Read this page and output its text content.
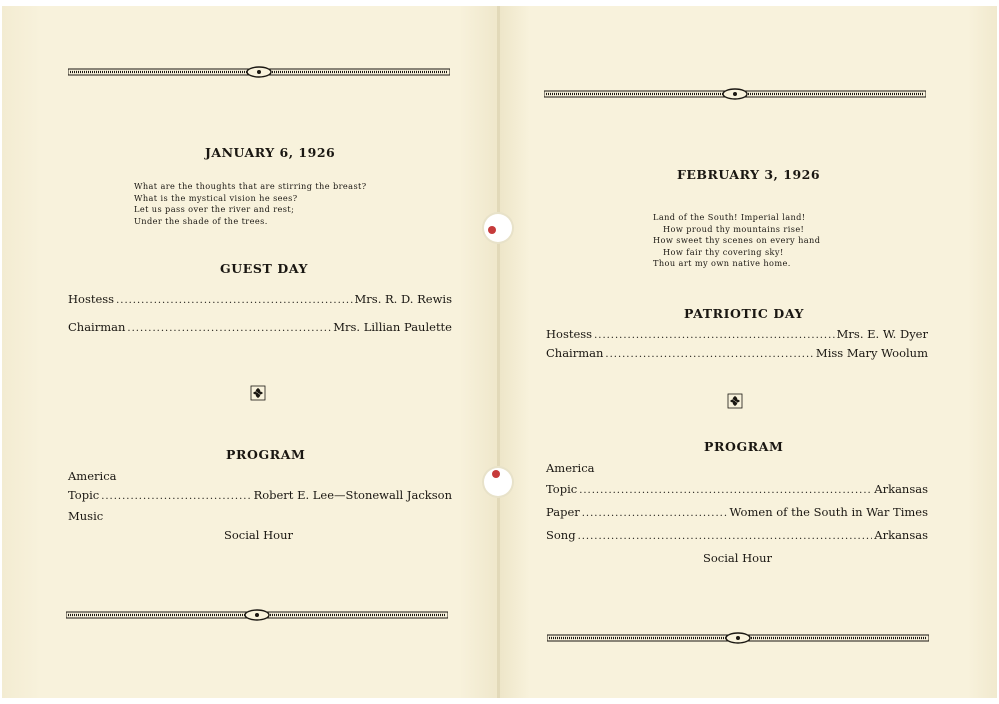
JANUARY 6, 1926
What are the thoughts that are stirring the breast?
What is the mystical vision he sees?
Let us pass over the river and rest;
Under the shade of the trees.
GUEST DAY
Hostess .....	Mrs. R. D. Rewis
Chairman .....	Mrs. Lillian Paulette
PROGRAM
America
Topic .....	Robert E. Lee—Stonewall Jackson
Music
Social Hour
FEBRUARY 3, 1926
Land of the South! Imperial land!
How proud thy mountains rise!
How sweet thy scenes on every hand
How fair thy covering sky!
Thou art my own native home.
PATRIOTIC DAY
Hostess .....	Mrs. E. W. Dyer
Chairman .....	Miss Mary Woolum
PROGRAM
America
Topic .....	Arkansas
Paper .....	Women of the South in War Times
Song .....	Arkansas
Social Hour
